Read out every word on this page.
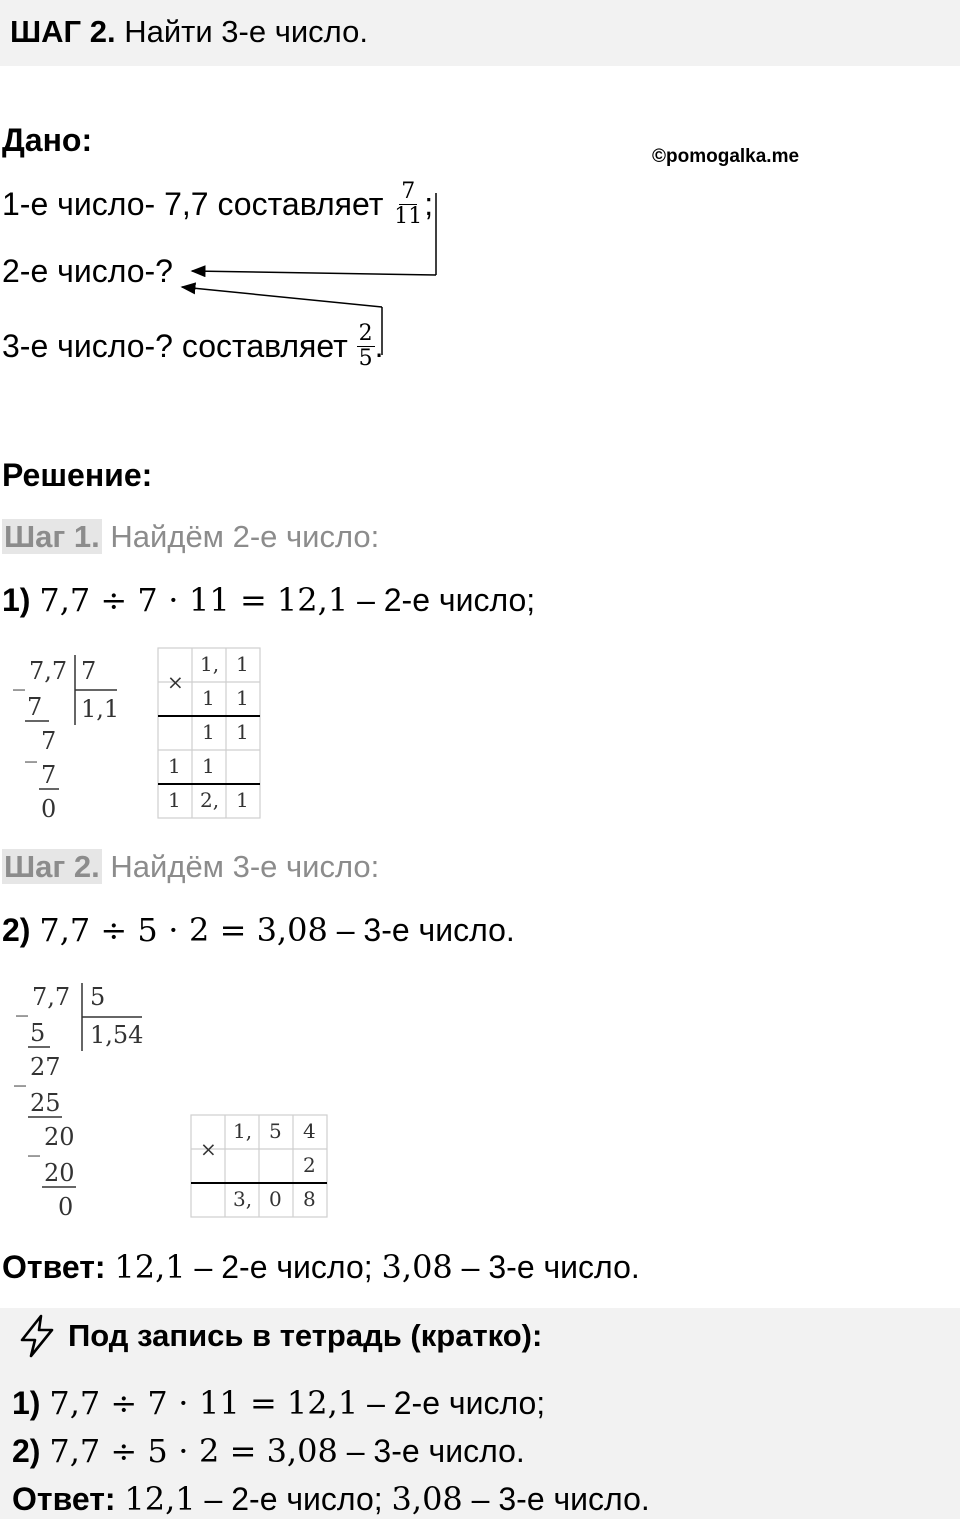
ШАГ 2. Найти 3-е число.
Дано:	©pomogalka.me
1-е число- 7,7 составляет $\frac{7}{11}$ ;
2-е число-?
3-е число-? составляет $\frac{2}{5}$ .
Решение:
Шаг 1. Найдём 2-е число:
1) 7,7 ÷ 7 ⋅ 11 = 12,1 – 2-е число;
7,7
_ 7
1,1
7
_ 7
7
0
×
1, 1
1 1
1 1
1 1
1 2, 1
Шаг 2. Найдём 3-е число:
2) 7,7 ÷ 5 ⋅ 2 = 3,08 – 3-е число.
7,7
_	5
1,54
5
_ 27
25
_ 20
20
0
×
1, 5 4
2
3, 0 8
Ответ: 12,1 – 2-е число; 3,08 – 3-е число.
Под запись в тетрадь (кратко):
1) 7,7 ÷ 7 ⋅ 11 = 12,1 – 2-е число;
2) 7,7 ÷ 5 ⋅ 2 = 3,08 – 3-е число.
Ответ: 12,1 – 2-е число; 3,08 – 3-е число.
